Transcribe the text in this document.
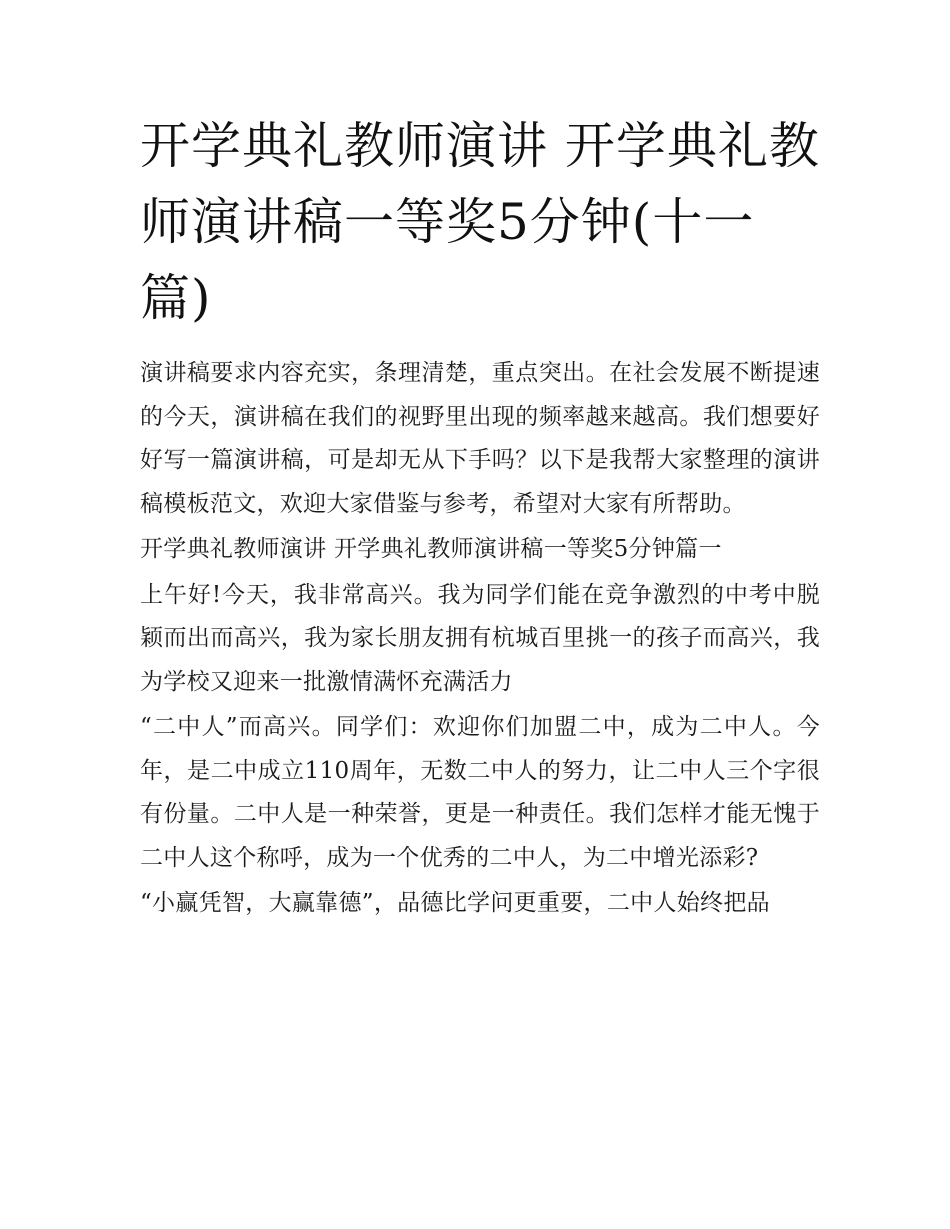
开学典礼教师演讲 开学典礼教师演讲稿一等奖5分钟(十一篇)

演讲稿要求内容充实，条理清楚，重点突出。在社会发展不断提速的今天，演讲稿在我们的视野里出现的频率越来越高。我们想要好好写一篇演讲稿，可是却无从下手吗？以下是我帮大家整理的演讲稿模板范文，欢迎大家借鉴与参考，希望对大家有所帮助。

开学典礼教师演讲 开学典礼教师演讲稿一等奖5分钟篇一

上午好!今天，我非常高兴。我为同学们能在竞争激烈的中考中脱颖而出而高兴，我为家长朋友拥有杭城百里挑一的孩子而高兴，我为学校又迎来一批激情满怀充满活力

“二中人”而高兴。同学们：欢迎你们加盟二中，成为二中人。今年，是二中成立110周年，无数二中人的努力，让二中人三个字很有份量。二中人是一种荣誉，更是一种责任。我们怎样才能无愧于二中人这个称呼，成为一个优秀的二中人，为二中增光添彩?

“小赢凭智，大赢靠德”，品德比学问更重要，二中人始终把品
